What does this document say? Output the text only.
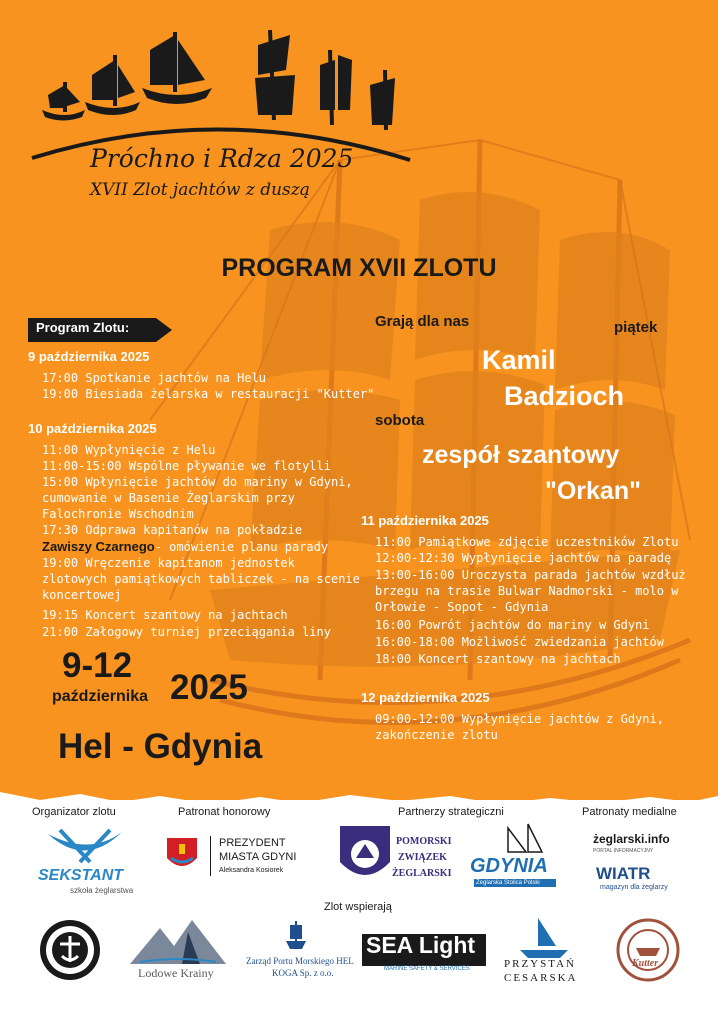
Próchno i Rdza 2025
XVII Zlot jachtów z duszą
PROGRAM XVII ZLOTU
Program Zlotu:
9 października 2025
17:00 Spotkanie jachtów na Helu
19:00 Biesiada żelarska w restauracji "Kutter"
10 października 2025
11:00 Wypłynięcie z Helu
11:00-15:00 Wspólne pływanie we flotylli
15:00 Wpłynięcie jachtów do mariny w Gdyni,
cumowanie w Basenie Żeglarskim przy
Falochronie Wschodnim
17:30 Odprawa kapitanów na pokładzie
Zawiszy Czarnego- omówienie planu parady
19:00 Wręczenie kapitanom jednostek
zlotowych pamiątkowych tabliczek - na scenie
koncertowej
19:15 Koncert szantowy na jachtach
21:00 Załogowy turniej przeciągania liny
Grają dla nas	piątek
Kamil
Badzioch
sobota
zespół szantowy
"Orkan"
11 października 2025
11:00 Pamiątkowe zdjęcie uczestników Zlotu
12:00-12:30 Wypłynięcie jachtów na paradę
13:00-16:00 Uroczysta parada jachtów wzdłuż
brzegu na trasie Bulwar Nadmorski - molo w
Orłowie - Sopot - Gdynia
16:00 Powrót jachtów do mariny w Gdyni
16:00-18:00 Możliwość zwiedzania jachtów
18:00 Koncert szantowy na jachtach
12 października 2025
09:00-12:00 Wypłynięcie jachtów z Gdyni,
zakończenie zlotu
9-12
października 2025
Hel - Gdynia
Organizator zlotu	Patronat honorowy	Partnerzy strategiczni	Patronaty medialne
SEKSTANT
szkoła żeglarstwa
PREZYDENT
MIASTA GDYNI
Aleksandra Kosiorek
POMORSKI
ZWIĄZEK
ŻEGLARSKI GDYNIA
Żeglarska Stolica Polski
żeglarski.info
PORTAL INFORMACYJNY
WIATR
magazyn dla żeglarzy
Zlot wspierają
Lodowe Krainy
Zarząd Portu Morskiego HEL
KOGA Sp. z o.o.
SEA Light
MARINE SAFETY & SERVICES	PRZYSTAŃ
CESARSKA
Kutter
